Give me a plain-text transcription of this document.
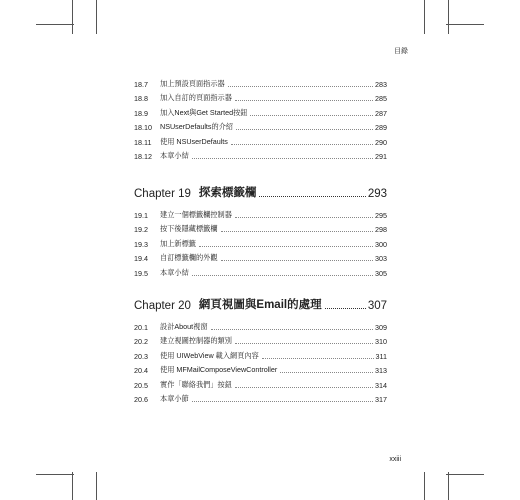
目錄
18.7	加上預設頁面指示器	283
18.8	加入自訂的頁面指示器	285
18.9	加入Next與Get Started按鈕	287
18.10	NSUserDefaults的介紹	289
18.11	使用 NSUserDefaults	290
18.12	本章小結	291
Chapter 19 探索標籤欄	293
19.1	建立一個標籤欄控制器	295
19.2	按下後隱藏標籤欄	298
19.3	加上新標籤	300
19.4	自訂標籤欄的外觀	303
19.5	本章小結	305
Chapter 20 網頁視圖與Email的處理	307
20.1	設計About視窗	309
20.2	建立視圖控制器的類別	310
20.3	使用 UIWebView 載入網頁內容	311
20.4	使用 MFMailComposeViewController	313
20.5	實作「聯絡我們」按鈕	314
20.6	本章小節	317
xxiii
